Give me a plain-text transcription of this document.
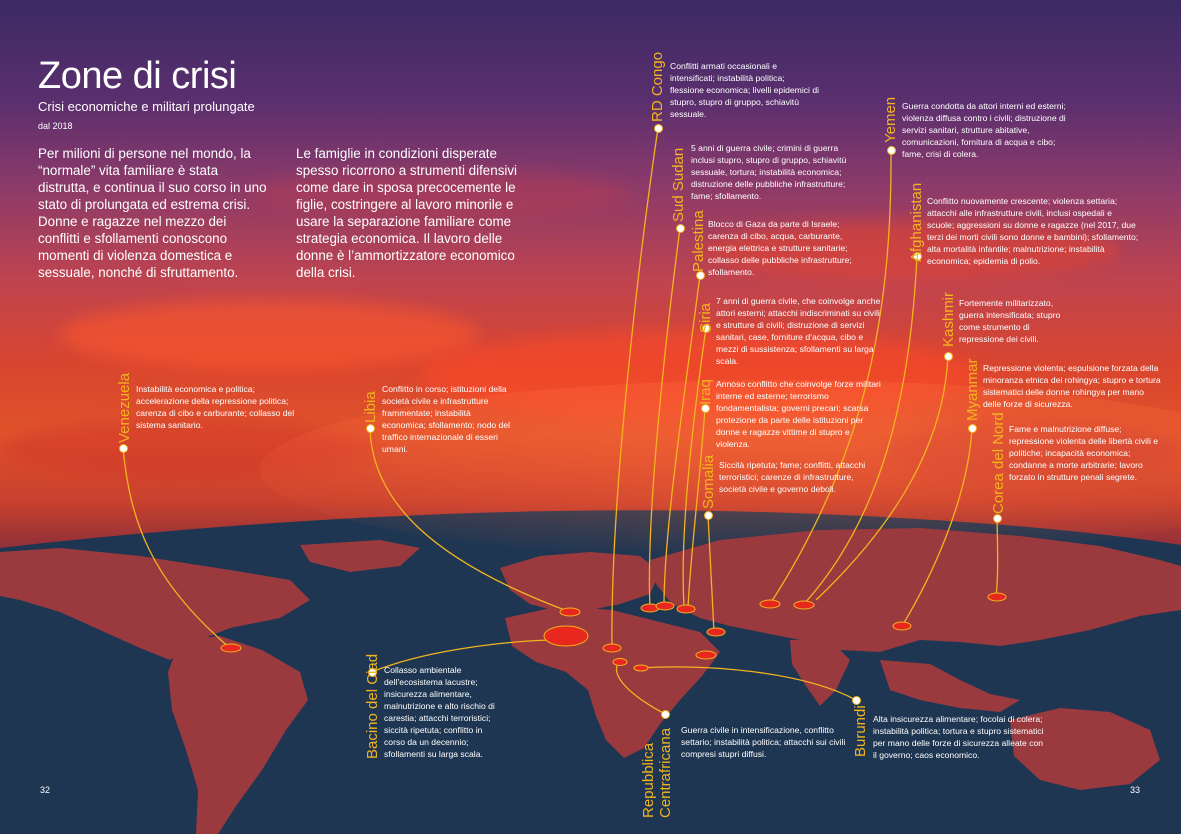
Zone di crisi
Crisi economiche e militari prolungate
dal 2018
Per milioni di persone nel mondo, la “normale” vita familiare è stata distrutta, e continua il suo corso in uno stato di prolungata ed estrema crisi. Donne e ragazze nel mezzo dei conflitti e sfollamenti conoscono momenti di violenza domestica e sessuale, nonché di sfruttamento.
Le famiglie in condizioni disperate spesso ricorrono a strumenti difensivi come dare in sposa precocemente le figlie, costringere al lavoro minorile e usare la separazione familiare come strategia economica. Il lavoro delle donne è l’ammortizzatore economico della crisi.
Venezuela Instabilità economica e politica; accelerazione della repressione politica; carenza di cibo e carburante; collasso del sistema sanitario.
Libia
Conflitto in corso; istituzioni della società civile e infrastrutture frammentate; instabilità economica; sfollamento; nodo del traffico internazionale di esseri umani.
RD Congo Conflitti armati occasionali e intensificati; instabilità politica; flessione economica; livelli epidemici di stupro, stupro di gruppo, schiavitù sessuale.
Sud Sudan 5 anni di guerra civile; crimini di guerra inclusi stupro, stupro di gruppo, schiavitù sessuale, tortura; instabilità economica; distruzione delle pubbliche infrastrutture; fame; sfollamento.
Palestina Blocco di Gaza da parte di Israele; carenza di cibo, acqua, carburante, energia elettrica e strutture sanitarie; collasso delle pubbliche infrastrutture; sfollamento.
Siria
7 anni di guerra civile, che coinvolge anche attori esterni; attacchi indiscriminati su civili e strutture di civili; distruzione di servizi sanitari, case, forniture d’acqua, cibo e mezzi di sussistenza; sfollamenti su larga scala.
Iraq Annoso conflitto che coinvolge forze militari interne ed esterne; terrorismo fondamentalista; governi precari; scarsa protezione da parte delle istituzioni per donne e ragazze vittime di stupro e violenza.
Somalia Siccità ripetuta; fame; conflitti, attacchi terroristici; carenze di infrastrutture, società civile e governo deboli.
Yemen Guerra condotta da attori interni ed esterni; violenza diffusa contro i civili; distruzione di servizi sanitari, strutture abitative, comunicazioni, fornitura di acqua e cibo; fame, crisi di colera.
Afghanistan Conflitto nuovamente crescente; violenza settaria; attacchi alle infrastrutture civili, inclusi ospedali e scuole; aggressioni su donne e ragazze (nel 2017, due terzi dei morti civili sono donne e bambini); sfollamento; alta mortalità infantile; malnutrizione; instabilità economica; epidemia di polio.
Kashmir Fortemente militarizzato, guerra intensificata; stupro come strumento di repressione dei civili.
Myanmar Repressione violenta; espulsione forzata della minoranza etnica dei rohingya; stupro e tortura sistematici delle donne rohingya per mano delle forze di sicurezza.
Corea del Nord Fame e malnutrizione diffuse; repressione violenta delle libertà civili e politiche; incapacità economica; condanne a morte arbitrarie; lavoro forzato in strutture penali segrete.
Bacino del Ciad Collasso ambientale dell’ecosistema lacustre; insicurezza alimentare, malnutrizione e alto rischio di carestia; attacchi terroristici; siccità ripetuta; conflitto in corso da un decennio; sfollamenti su larga scala.	Repubblica Centrafricana Guerra civile in intensificazione, conflitto settario; instabilità politica; attacchi sui civili compresi stupri diffusi.	Burundi Alta insicurezza alimentare; focolai di colera; instabilità politica; tortura e stupro sistematici per mano delle forze di sicurezza alleate con il governo; caos economico.
32	33
